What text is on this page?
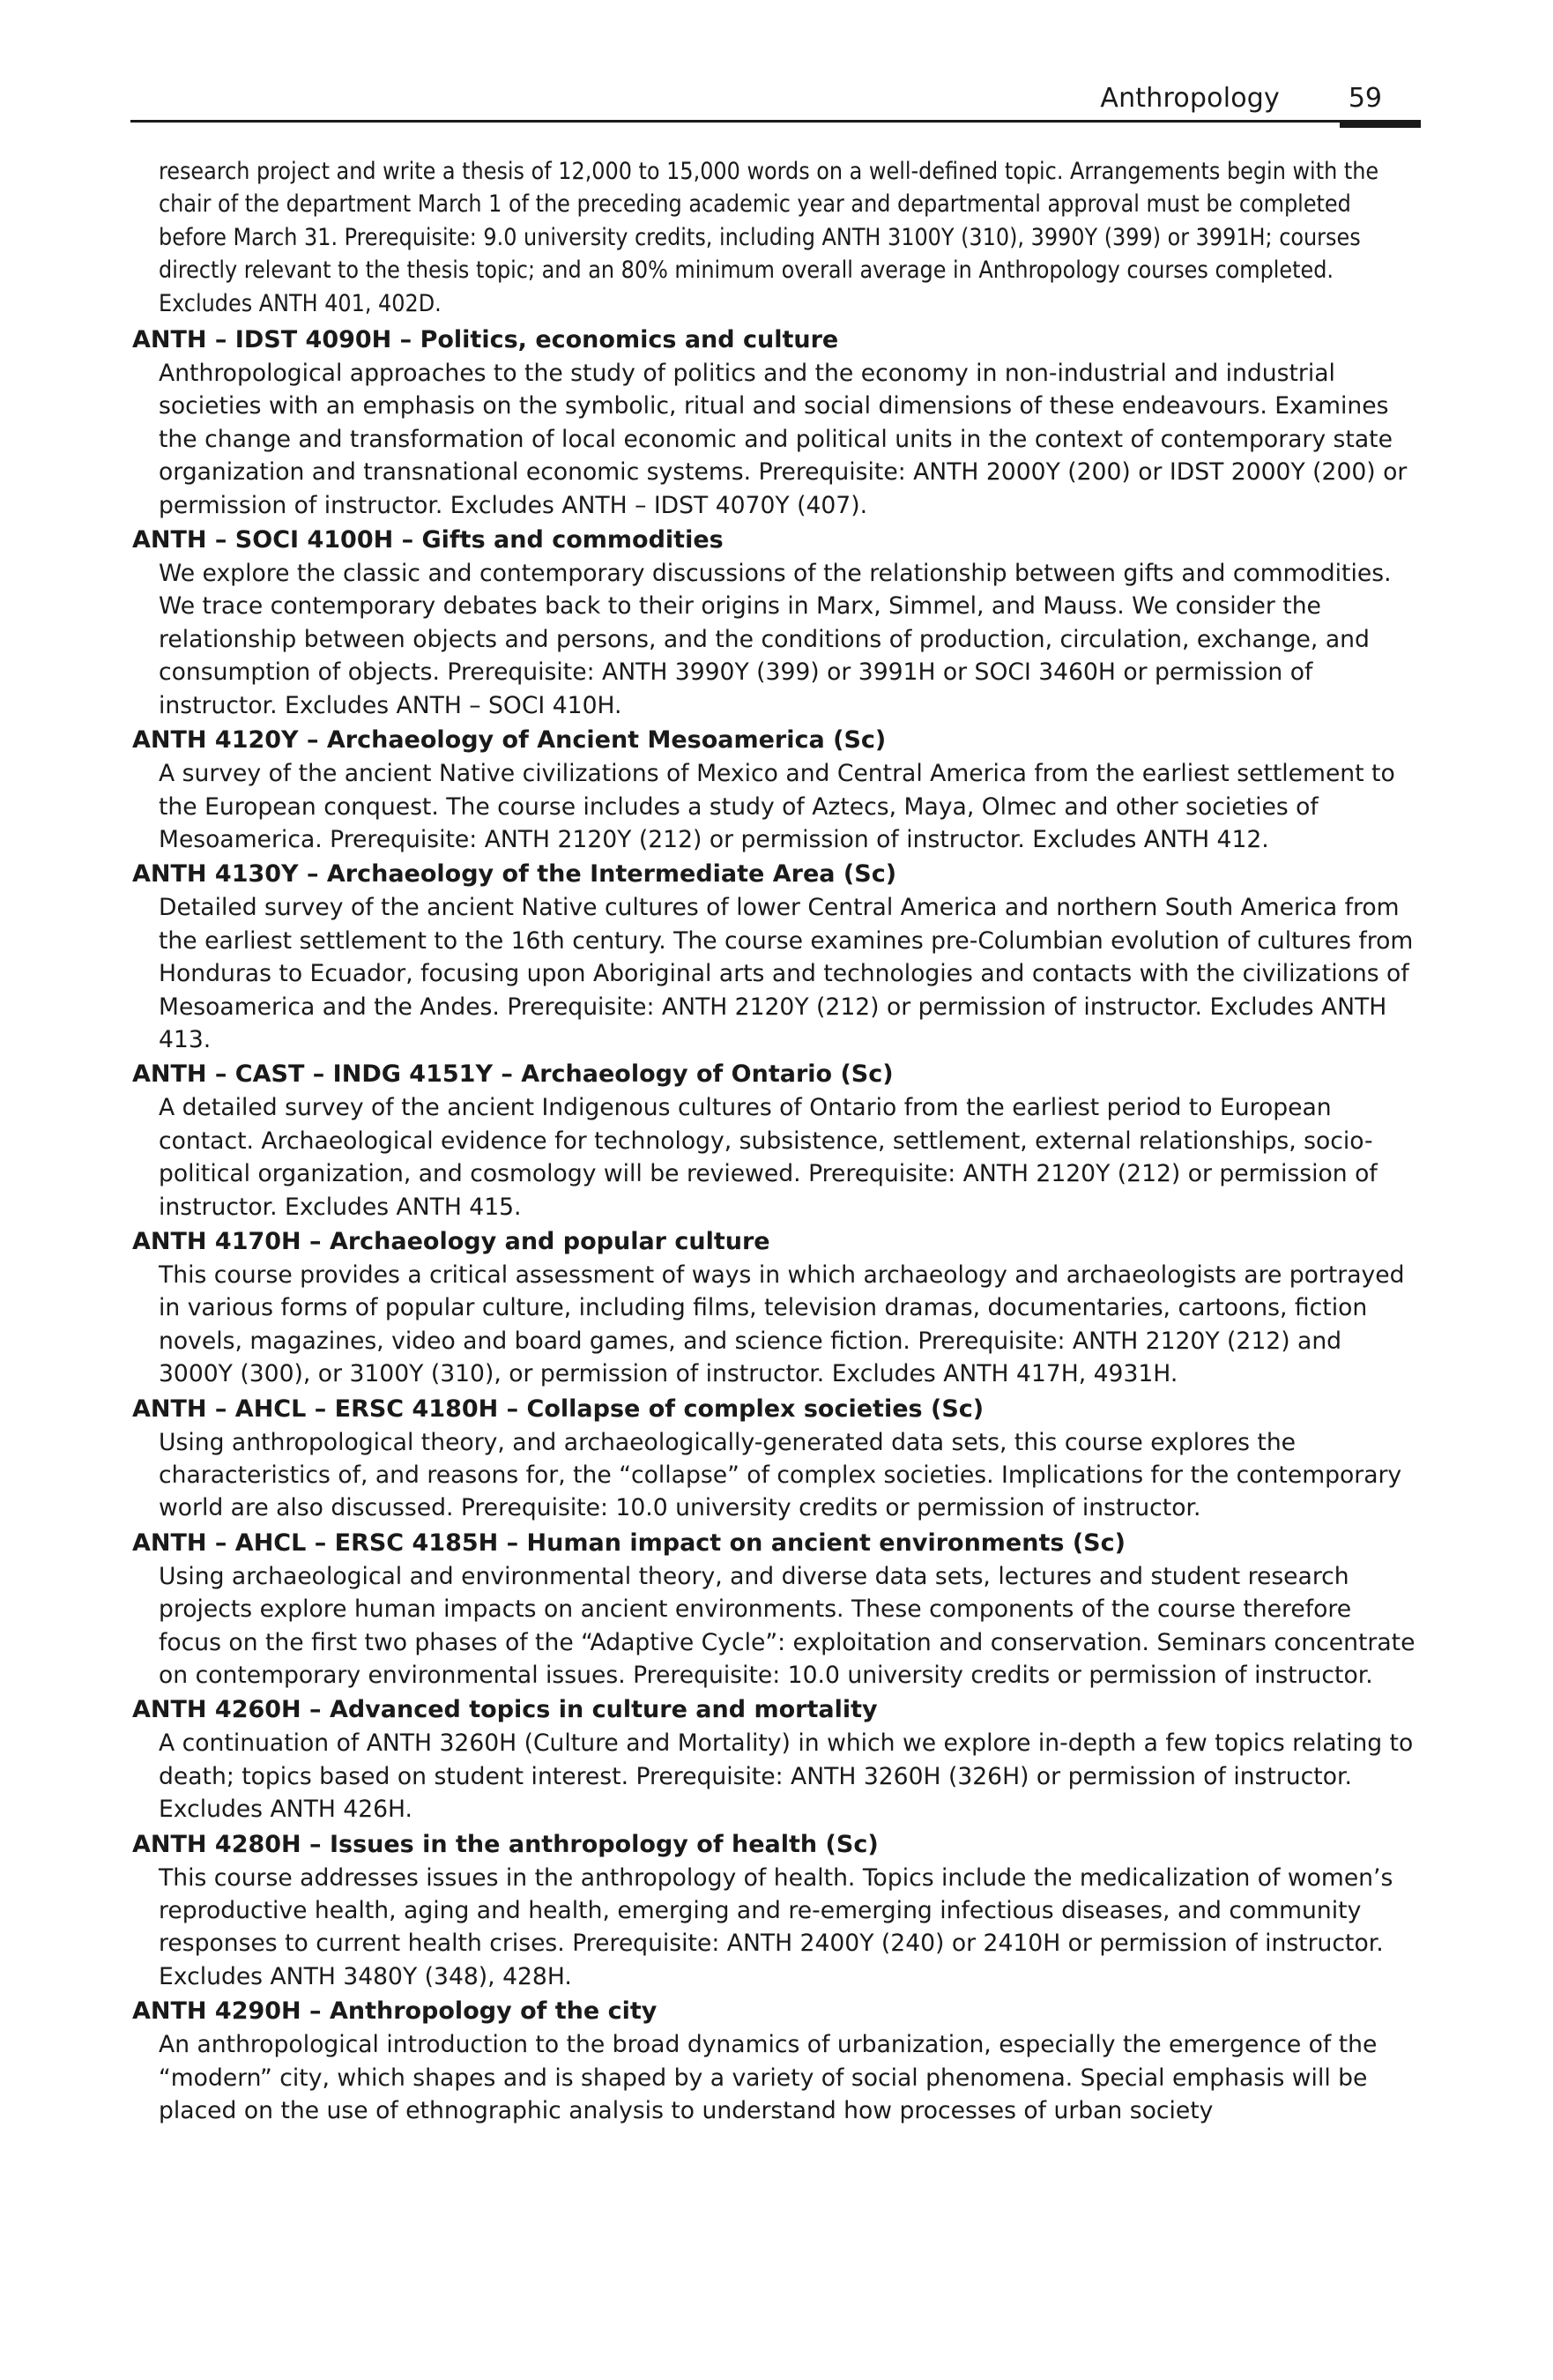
Anthropology	59

research project and write a thesis of 12,000 to 15,000 words on a well-defined topic. Arrangements begin with the chair of the department March 1 of the preceding academic year and departmental approval must be completed before March 31. Prerequisite: 9.0 university credits, including ANTH 3100Y (310), 3990Y (399) or 3991H; courses directly relevant to the thesis topic; and an 80% minimum overall average in Anthropology courses completed. Excludes ANTH 401, 402D.

ANTH – IDST 4090H – Politics, economics and culture

Anthropological approaches to the study of politics and the economy in non-industrial and industrial societies with an emphasis on the symbolic, ritual and social dimensions of these endeavours. Examines the change and transformation of local economic and political units in the context of contemporary state organization and transnational economic systems. Prerequisite: ANTH 2000Y (200) or IDST 2000Y (200) or permission of instructor. Excludes ANTH – IDST 4070Y (407).

ANTH – SOCI 4100H – Gifts and commodities

We explore the classic and contemporary discussions of the relationship between gifts and commodities. We trace contemporary debates back to their origins in Marx, Simmel, and Mauss. We consider the relationship between objects and persons, and the conditions of production, circulation, exchange, and consumption of objects. Prerequisite: ANTH 3990Y (399) or 3991H or SOCI 3460H or permission of instructor. Excludes ANTH – SOCI 410H.

ANTH 4120Y – Archaeology of Ancient Mesoamerica (Sc)

A survey of the ancient Native civilizations of Mexico and Central America from the earliest settlement to the European conquest. The course includes a study of Aztecs, Maya, Olmec and other societies of Mesoamerica. Prerequisite: ANTH 2120Y (212) or permission of instructor. Excludes ANTH 412.

ANTH 4130Y – Archaeology of the Intermediate Area (Sc)

Detailed survey of the ancient Native cultures of lower Central America and northern South America from the earliest settlement to the 16th century. The course examines pre-Columbian evolution of cultures from Honduras to Ecuador, focusing upon Aboriginal arts and technologies and contacts with the civilizations of Mesoamerica and the Andes. Prerequisite: ANTH 2120Y (212) or permission of instructor. Excludes ANTH 413.

ANTH – CAST – INDG 4151Y – Archaeology of Ontario (Sc)

A detailed survey of the ancient Indigenous cultures of Ontario from the earliest period to European contact. Archaeological evidence for technology, subsistence, settlement, external relationships, socio-political organization, and cosmology will be reviewed. Prerequisite: ANTH 2120Y (212) or permission of instructor. Excludes ANTH 415.

ANTH 4170H – Archaeology and popular culture

This course provides a critical assessment of ways in which archaeology and archaeologists are portrayed in various forms of popular culture, including films, television dramas, documentaries, cartoons, fiction novels, magazines, video and board games, and science fiction. Prerequisite: ANTH 2120Y (212) and 3000Y (300), or 3100Y (310), or permission of instructor. Excludes ANTH 417H, 4931H.

ANTH – AHCL – ERSC 4180H – Collapse of complex societies (Sc)

Using anthropological theory, and archaeologically-generated data sets, this course explores the characteristics of, and reasons for, the “collapse” of complex societies. Implications for the contemporary world are also discussed. Prerequisite: 10.0 university credits or permission of instructor.

ANTH – AHCL – ERSC 4185H – Human impact on ancient environments (Sc)

Using archaeological and environmental theory, and diverse data sets, lectures and student research projects explore human impacts on ancient environments. These components of the course therefore focus on the first two phases of the “Adaptive Cycle”: exploitation and conservation. Seminars concentrate on contemporary environmental issues. Prerequisite: 10.0 university credits or permission of instructor.

ANTH 4260H – Advanced topics in culture and mortality

A continuation of ANTH 3260H (Culture and Mortality) in which we explore in-depth a few topics relating to death; topics based on student interest. Prerequisite: ANTH 3260H (326H) or permission of instructor. Excludes ANTH 426H.

ANTH 4280H – Issues in the anthropology of health (Sc)

This course addresses issues in the anthropology of health. Topics include the medicalization of women’s reproductive health, aging and health, emerging and re-emerging infectious diseases, and community responses to current health crises. Prerequisite: ANTH 2400Y (240) or 2410H or permission of instructor. Excludes ANTH 3480Y (348), 428H.

ANTH 4290H – Anthropology of the city

An anthropological introduction to the broad dynamics of urbanization, especially the emergence of the “modern” city, which shapes and is shaped by a variety of social phenomena. Special emphasis will be placed on the use of ethnographic analysis to understand how processes of urban society
